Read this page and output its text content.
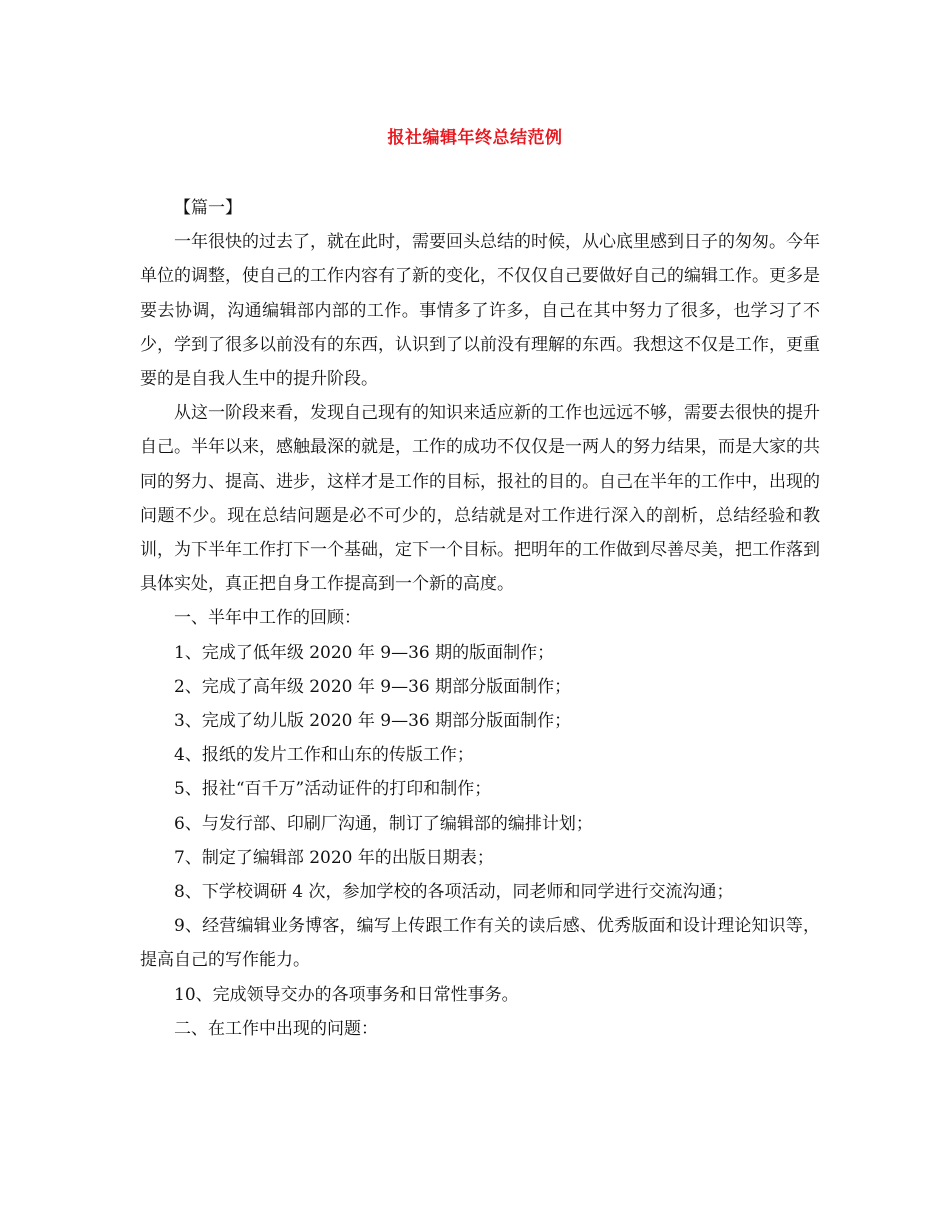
报社编辑年终总结范例

【篇一】

一年很快的过去了，就在此时，需要回头总结的时候，从心底里感到日子的匆匆。今年单位的调整，使自己的工作内容有了新的变化，不仅仅自己要做好自己的编辑工作。更多是要去协调，沟通编辑部内部的工作。事情多了许多，自己在其中努力了很多，也学习了不少，学到了很多以前没有的东西，认识到了以前没有理解的东西。我想这不仅是工作，更重要的是自我人生中的提升阶段。

从这一阶段来看，发现自己现有的知识来适应新的工作也远远不够，需要去很快的提升自己。半年以来，感触最深的就是，工作的成功不仅仅是一两人的努力结果，而是大家的共同的努力、提高、进步，这样才是工作的目标，报社的目的。自己在半年的工作中，出现的问题不少。现在总结问题是必不可少的，总结就是对工作进行深入的剖析，总结经验和教训，为下半年工作打下一个基础，定下一个目标。把明年的工作做到尽善尽美，把工作落到具体实处，真正把自身工作提高到一个新的高度。

一、半年中工作的回顾：

1、完成了低年级 2020 年 9—36 期的版面制作；

2、完成了高年级 2020 年 9—36 期部分版面制作；

3、完成了幼儿版 2020 年 9—36 期部分版面制作；

4、报纸的发片工作和山东的传版工作；

5、报社“百千万”活动证件的打印和制作；

6、与发行部、印刷厂沟通，制订了编辑部的编排计划；

7、制定了编辑部 2020 年的出版日期表；

8、下学校调研 4 次，参加学校的各项活动，同老师和同学进行交流沟通；

9、经营编辑业务博客，编写上传跟工作有关的读后感、优秀版面和设计理论知识等，提高自己的写作能力。

10、完成领导交办的各项事务和日常性事务。

二、在工作中出现的问题：
